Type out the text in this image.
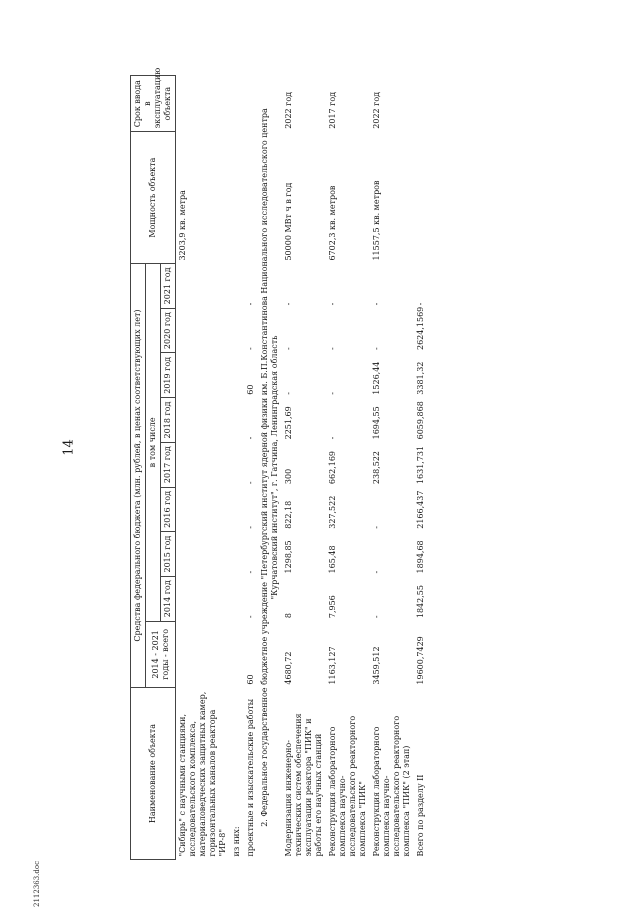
14
Наименование объекта	Средства федерального бюджета (млн. рублей, в ценах соответствующих лет)									Мощность объекта	Срок ввода в эксплуатацию объекта
	2014 - 2021 годы - всего	в том числе									
		2014 год	2015 год	2016 год	2017 год	2018 год	2019 год	2020 год	2021 год		
"Сибирь" с научными станциями, исследовательского комплекса, материаловедческих защитных камер, горизонтальных каналов реактора "ИР-8"										3203,9 кв. метра	
из них:											
проектные и изыскательские работы	60	-	-	-	-	-	60	-	-		
2. Федеральное государственное бюджетное учреждение "Петербургский институт ядерной физики им. Б.П.Константинова Национального исследовательского центра "Курчатовский институт", г. Гатчина, Ленинградская область											
Модернизация инженерно-технических систем обеспечения эксплуатации реактора "ПИК" и работы его научных станций	4680,72	8	1298,85	822,18	300	2251,69	-	-	-	50000 МВт ч в год	2022 год
Реконструкция лабораторного комплекса научно-исследовательского реакторного комплекса "ПИК"	1163,127	7,956	165,48	327,522	662,169	-	-	-	-	6702,3 кв. метров	2017 год
Реконструкция лабораторного комплекса научно-исследовательского реакторного комплекса "ПИК" (2 этап)	3459,512	-	-	-	238,522	1694,55	1526,44	-	-	11557,5 кв. метров	2022 год
Всего по разделу II	19600,7429	1842,55	1894,68	2166,437	1631,731	6059,868	3381,32	2624,1569	-		
2112363.doc
